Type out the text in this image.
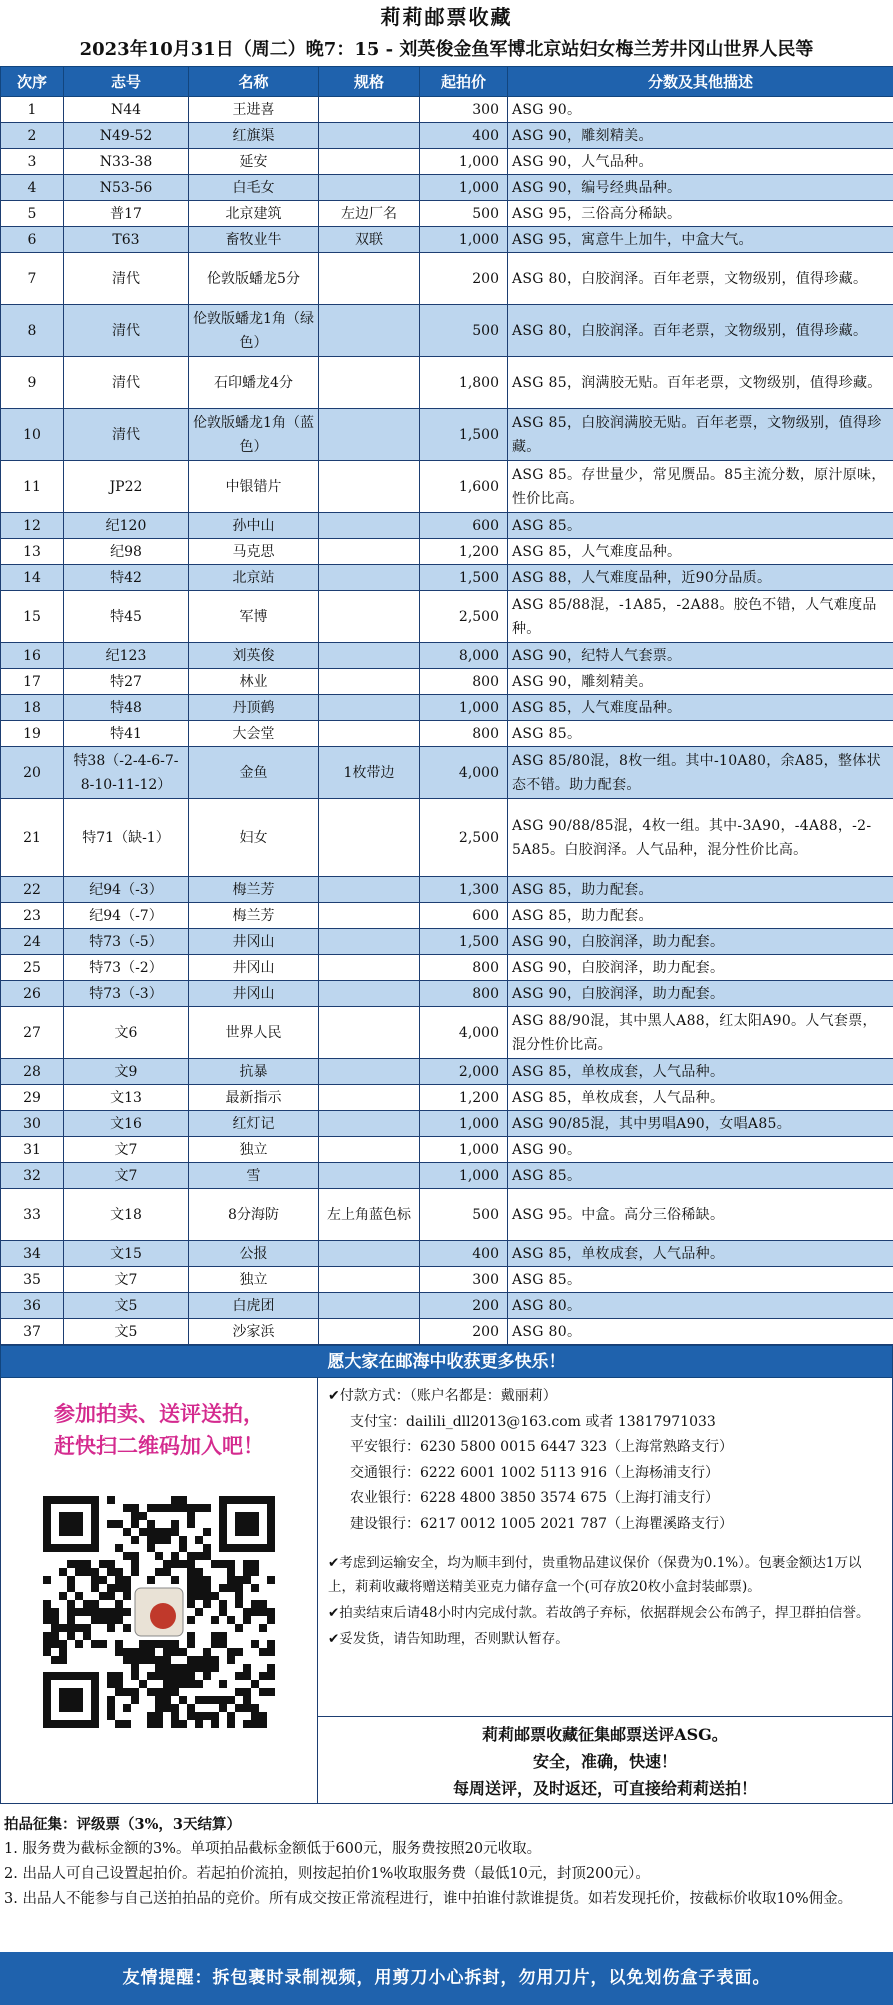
莉莉邮票收藏
2023年10月31日（周二）晚7：15 - 刘英俊金鱼军博北京站妇女梅兰芳井冈山世界人民等
次序	志号	名称	规格	起拍价	分数及其他描述
1	N44	王进喜		300	ASG 90。
2	N49-52	红旗渠		400	ASG 90，雕刻精美。
3	N33-38	延安		1,000	ASG 90，人气品种。
4	N53-56	白毛女		1,000	ASG 90，编号经典品种。
5	普17	北京建筑	左边厂名	500	ASG 95，三俗高分稀缺。
6	T63	畜牧业牛	双联	1,000	ASG 95，寓意牛上加牛，中盒大气。
7	清代	伦敦版蟠龙5分		200	ASG 80，白胶润泽。百年老票，文物级别，值得珍藏。
8	清代	伦敦版蟠龙1角（绿色）		500	ASG 80，白胶润泽。百年老票，文物级别，值得珍藏。
9	清代	石印蟠龙4分		1,800	ASG 85，润满胶无贴。百年老票，文物级别，值得珍藏。
10	清代	伦敦版蟠龙1角（蓝色）		1,500	ASG 85，白胶润满胶无贴。百年老票，文物级别，值得珍藏。
11	JP22	中银错片		1,600	ASG 85。存世量少，常见赝品。85主流分数，原汁原味，性价比高。
12	纪120	孙中山		600	ASG 85。
13	纪98	马克思		1,200	ASG 85，人气难度品种。
14	特42	北京站		1,500	ASG 88，人气难度品种，近90分品质。
15	特45	军博		2,500	ASG 85/88混，-1A85，-2A88。胶色不错，人气难度品种。
16	纪123	刘英俊		8,000	ASG 90，纪特人气套票。
17	特27	林业		800	ASG 90，雕刻精美。
18	特48	丹顶鹤		1,000	ASG 85，人气难度品种。
19	特41	大会堂		800	ASG 85。
20	特38（-2-4-6-7-8-10-11-12）	金鱼	1枚带边	4,000	ASG 85/80混，8枚一组。其中-10A80，余A85，整体状态不错。助力配套。
21	特71（缺-1）	妇女		2,500	ASG 90/88/85混，4枚一组。其中-3A90，-4A88，-2-5A85。白胶润泽。人气品种，混分性价比高。
22	纪94（-3）	梅兰芳		1,300	ASG 85，助力配套。
23	纪94（-7）	梅兰芳		600	ASG 85，助力配套。
24	特73（-5）	井冈山		1,500	ASG 90，白胶润泽，助力配套。
25	特73（-2）	井冈山		800	ASG 90，白胶润泽，助力配套。
26	特73（-3）	井冈山		800	ASG 90，白胶润泽，助力配套。
27	文6	世界人民		4,000	ASG 88/90混，其中黑人A88，红太阳A90。人气套票，混分性价比高。
28	文9	抗暴		2,000	ASG 85，单枚成套，人气品种。
29	文13	最新指示		1,200	ASG 85，单枚成套，人气品种。
30	文16	红灯记		1,000	ASG 90/85混，其中男唱A90，女唱A85。
31	文7	独立		1,000	ASG 90。
32	文7	雪		1,000	ASG 85。
33	文18	8分海防	左上角蓝色标	500	ASG 95。中盒。高分三俗稀缺。
34	文15	公报		400	ASG 85，单枚成套，人气品种。
35	文7	独立		300	ASG 85。
36	文5	白虎团		200	ASG 80。
37	文5	沙家浜		200	ASG 80。
愿大家在邮海中收获更多快乐！
参加拍卖、送评送拍，
赶快扫二维码加入吧！
✔付款方式：（账户名都是：戴丽莉）
支付宝：dailili_dll2013@163.com 或者 13817971033
平安银行：6230 5800 0015 6447 323（上海常熟路支行）
交通银行：6222 6001 1002 5113 916（上海杨浦支行）
农业银行：6228 4800 3850 3574 675（上海打浦支行）
建设银行：6217 0012 1005 2021 787（上海瞿溪路支行）

✔考虑到运输安全，均为顺丰到付，贵重物品建议保价（保费为0.1%）。包裹金额达1万以上，莉莉收藏将赠送精美亚克力储存盒一个(可存放20枚小盒封装邮票)。

✔拍卖结束后请48小时内完成付款。若故鸽子弃标，依据群规会公布鸽子，捍卫群拍信誉。

✔妥发货，请告知助理，否则默认暂存。

莉莉邮票收藏征集邮票送评ASG。
安全，准确，快速！
每周送评，及时返还，可直接给莉莉送拍！
拍品征集：评级票（3%，3天结算）
1. 服务费为截标金额的3%。单项拍品截标金额低于600元，服务费按照20元收取。
2. 出品人可自己设置起拍价。若起拍价流拍，则按起拍价1%收取服务费（最低10元，封顶200元）。
3. 出品人不能参与自己送拍拍品的竞价。所有成交按正常流程进行，谁中拍谁付款谁提货。如若发现托价，按截标价收取10%佣金。
友情提醒：拆包裹时录制视频，用剪刀小心拆封，勿用刀片，以免划伤盒子表面。
